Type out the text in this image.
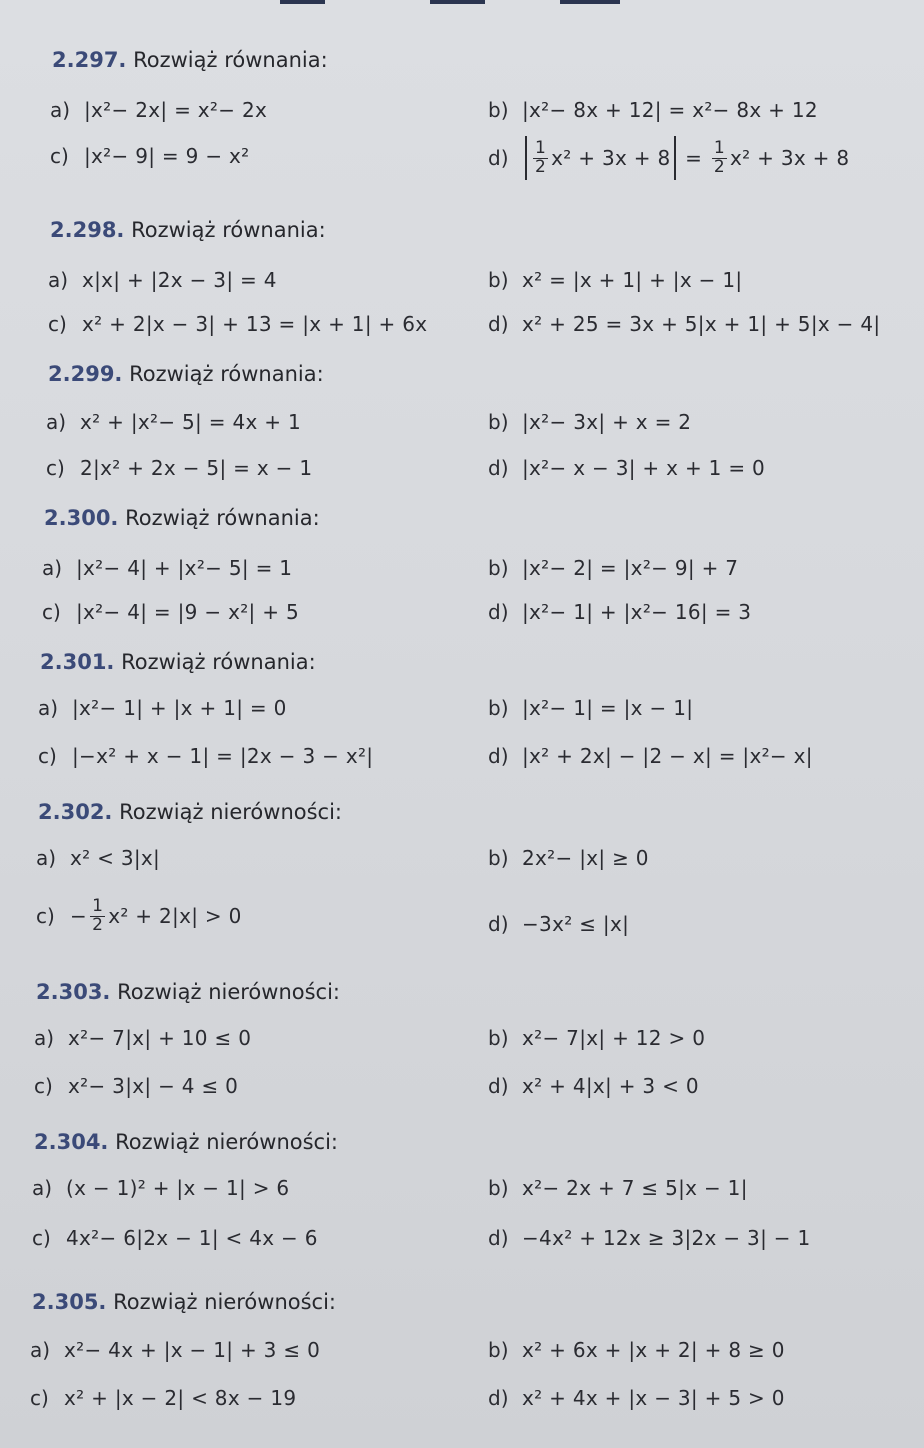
2.297. Rozwiąż równania:
a) |x²− 2x| = x²− 2x	b) |x²− 8x + 12| = x²− 8x + 12
c) |x²− 9| = 9 − x²	d)	$\frac{1}{2} x^2 + 3x + 8 = \frac{1}{2} x^2 + 3x + 8$
2.298. Rozwiąż równania:
a) x|x| + |2x − 3| = 4	b) x² = |x + 1| + |x − 1|
c) x² + 2|x − 3| + 13 = |x + 1| + 6x	d) x² + 25 = 3x + 5|x + 1| + 5|x − 4|
2.299. Rozwiąż równania:
a) x² + |x²− 5| = 4x + 1	b) |x²− 3x| + x = 2
c) 2|x² + 2x − 5| = x − 1	d) |x²− x − 3| + x + 1 = 0
2.300. Rozwiąż równania:
a) |x²− 4| + |x²− 5| = 1	b) |x²− 2| = |x²− 9| + 7
c) |x²− 4| = |9 − x²| + 5	d) |x²− 1| + |x²− 16| = 3
2.301. Rozwiąż równania:
a) |x²− 1| + |x + 1| = 0	b) |x²− 1| = |x − 1|
c) |−x² + x − 1| = |2x − 3 − x²|	d) |x² + 2x| − |2 − x| = |x²− x|
2.302. Rozwiąż nierówności:
a) x² < 3|x|	b) 2x²− |x| ≥ 0
$c) - \frac{1}{2} x^2 + 2|x| > 0$	d) −3x² ≤ |x|
2.303. Rozwiąż nierówności:
a) x²− 7|x| + 10 ≤ 0	b) x²− 7|x| + 12 > 0
c) x²− 3|x| − 4 ≤ 0	d) x² + 4|x| + 3 < 0
2.304. Rozwiąż nierówności:
a) (x − 1)² + |x − 1| > 6	b) x²− 2x + 7 ≤ 5|x − 1|
c) 4x²− 6|2x − 1| < 4x − 6	d) −4x² + 12x ≥ 3|2x − 3| − 1
2.305. Rozwiąż nierówności:
a) x²− 4x + |x − 1| + 3 ≤ 0	b) x² + 6x + |x + 2| + 8 ≥ 0
c) x² + |x − 2| < 8x − 19	d) x² + 4x + |x − 3| + 5 > 0
